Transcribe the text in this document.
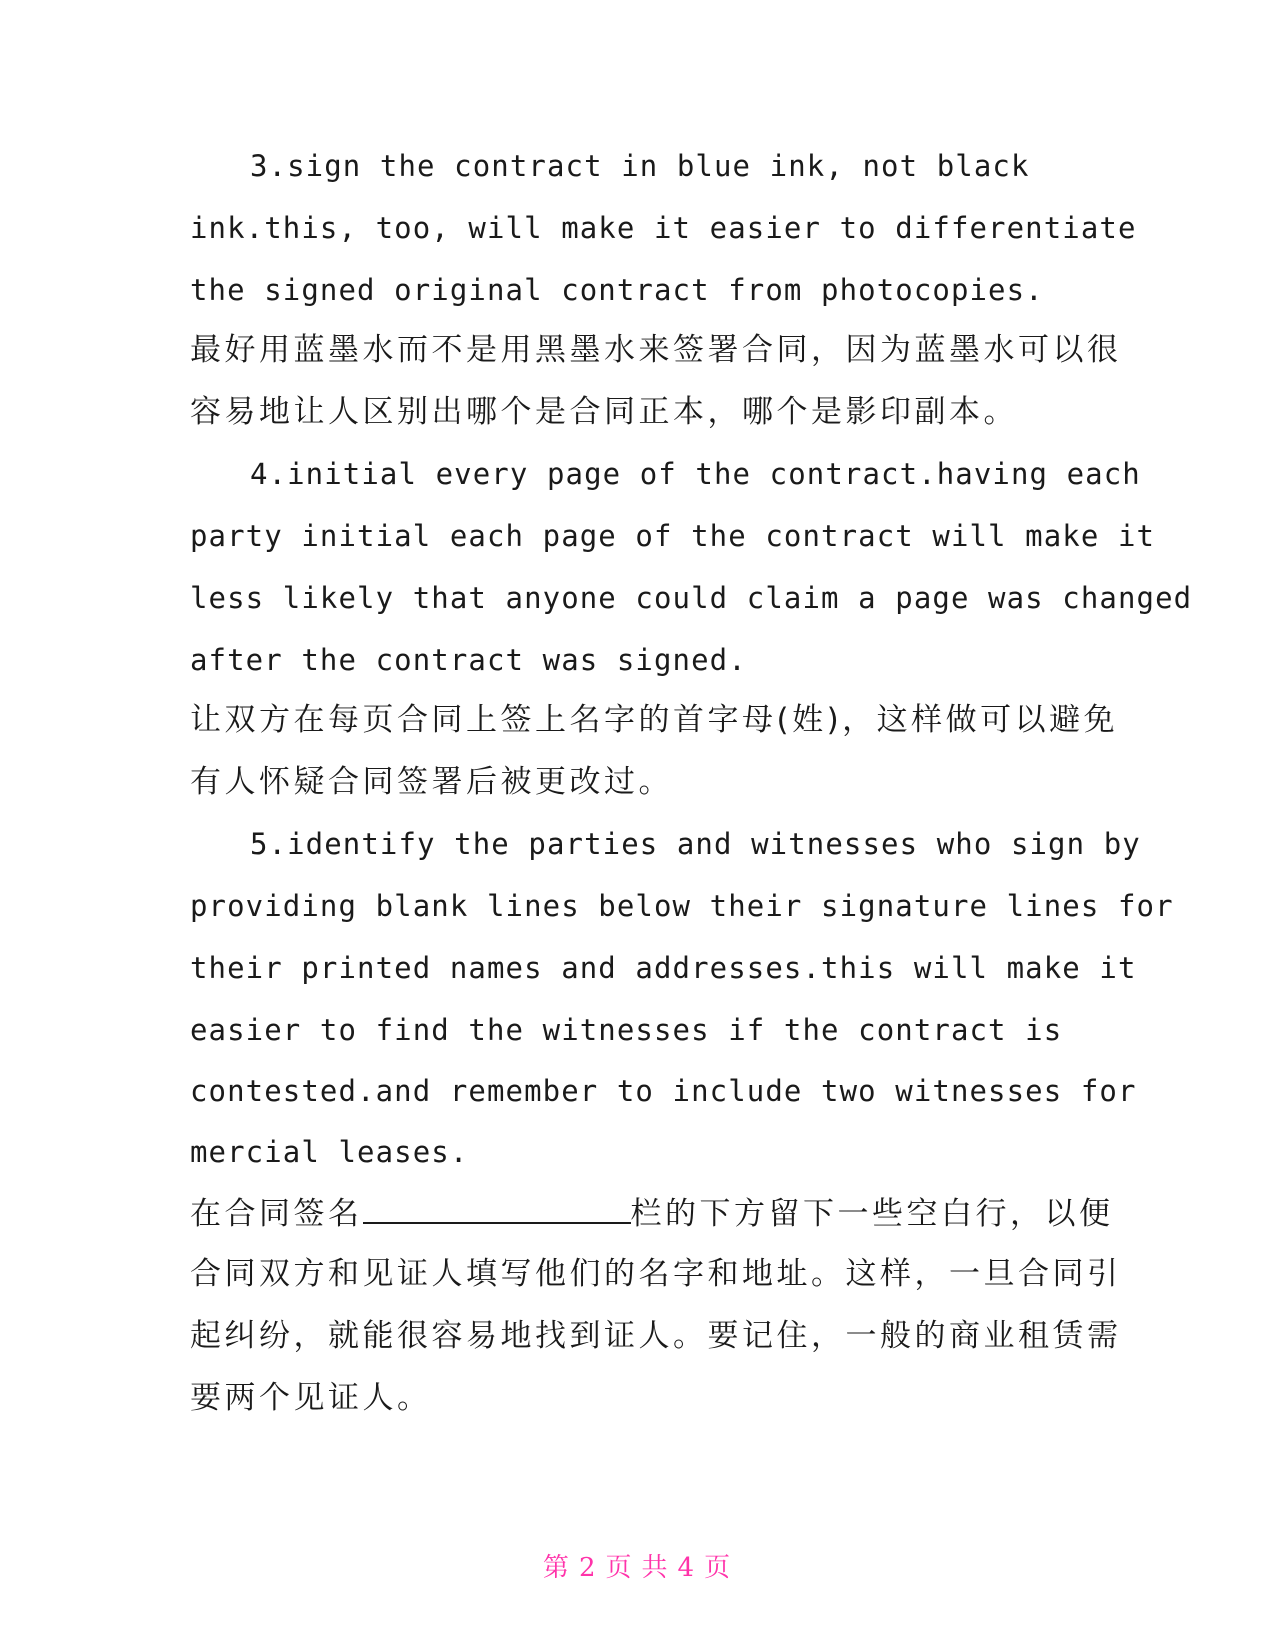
3.sign the contract in blue ink, not black
ink.this, too, will make it easier to differentiate
the signed original contract from photocopies.
最好用蓝墨水而不是用黑墨水来签署合同，因为蓝墨水可以很
容易地让人区别出哪个是合同正本，哪个是影印副本。
4.initial every page of the contract.having each
party initial each page of the contract will make it
less likely that anyone could claim a page was changed
after the contract was signed.
让双方在每页合同上签上名字的首字母(姓)，这样做可以避免
有人怀疑合同签署后被更改过。
5.identify the parties and witnesses who sign by
providing blank lines below their signature lines for
their printed names and addresses.this will make it
easier to find the witnesses if the contract is
contested.and remember to include two witnesses for
mercial leases.
在合同签名	栏的下方留下一些空白行，以便
合同双方和见证人填写他们的名字和地址。这样，一旦合同引
起纠纷，就能很容易地找到证人。要记住，一般的商业租赁需
要两个见证人。
第 2 页 共 4 页
